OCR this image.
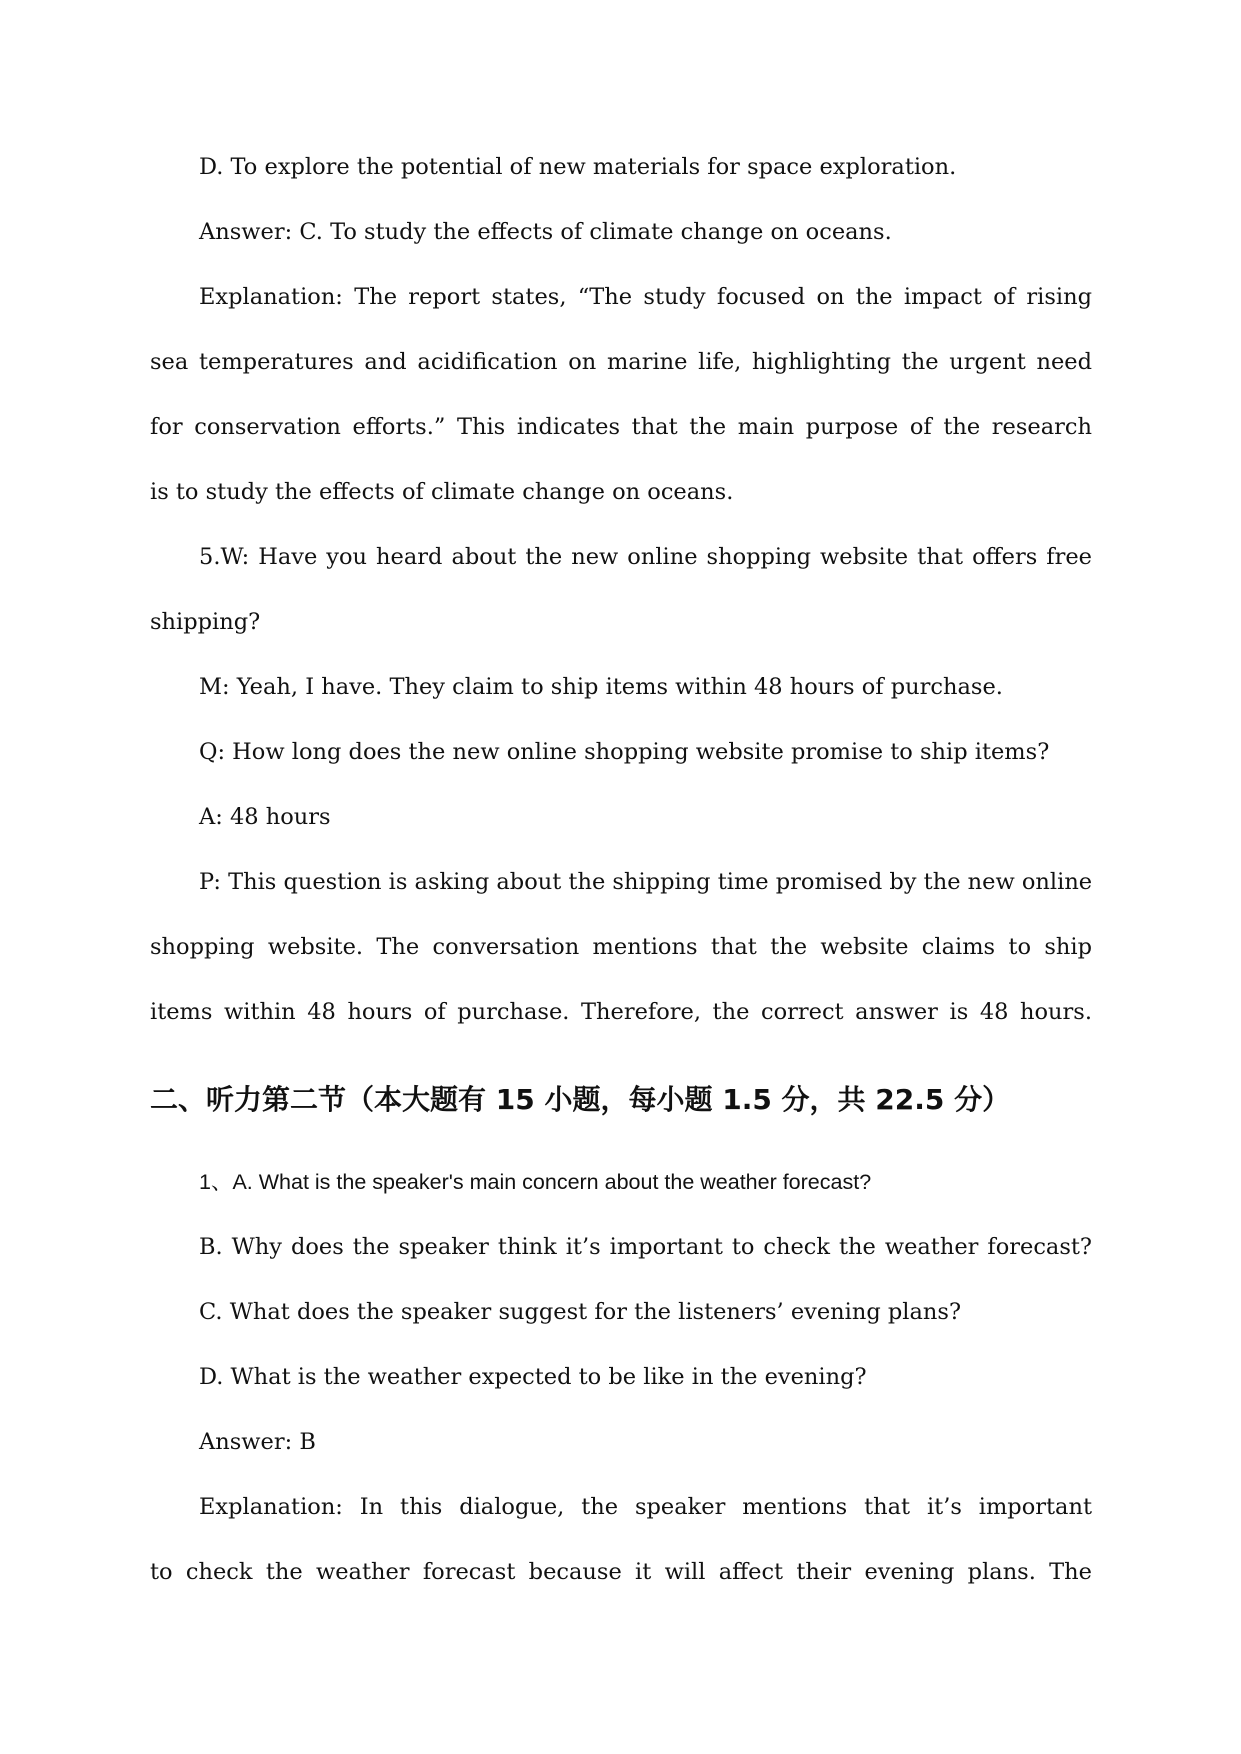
D. To explore the potential of new materials for space exploration.
Answer: C. To study the effects of climate change on oceans.
Explanation: The report states, “The study focused on the impact of rising
sea temperatures and acidification on marine life, highlighting the urgent need
for conservation efforts.” This indicates that the main purpose of the research
is to study the effects of climate change on oceans.
5.W: Have you heard about the new online shopping website that offers free
shipping?
M: Yeah, I have. They claim to ship items within 48 hours of purchase.
Q: How long does the new online shopping website promise to ship items?
A: 48 hours
P: This question is asking about the shipping time promised by the new online
shopping website. The conversation mentions that the website claims to ship
items within 48 hours of purchase. Therefore, the correct answer is 48 hours.
二、听力第二节（本大题有 15 小题，每小题 1.5 分，共 22.5 分）
1、A. What is the speaker's main concern about the weather forecast?
B. Why does the speaker think it’s important to check the weather forecast?
C. What does the speaker suggest for the listeners’ evening plans?
D. What is the weather expected to be like in the evening?
Answer: B
Explanation: In this dialogue, the speaker mentions that it’s important
to check the weather forecast because it will affect their evening plans. The
